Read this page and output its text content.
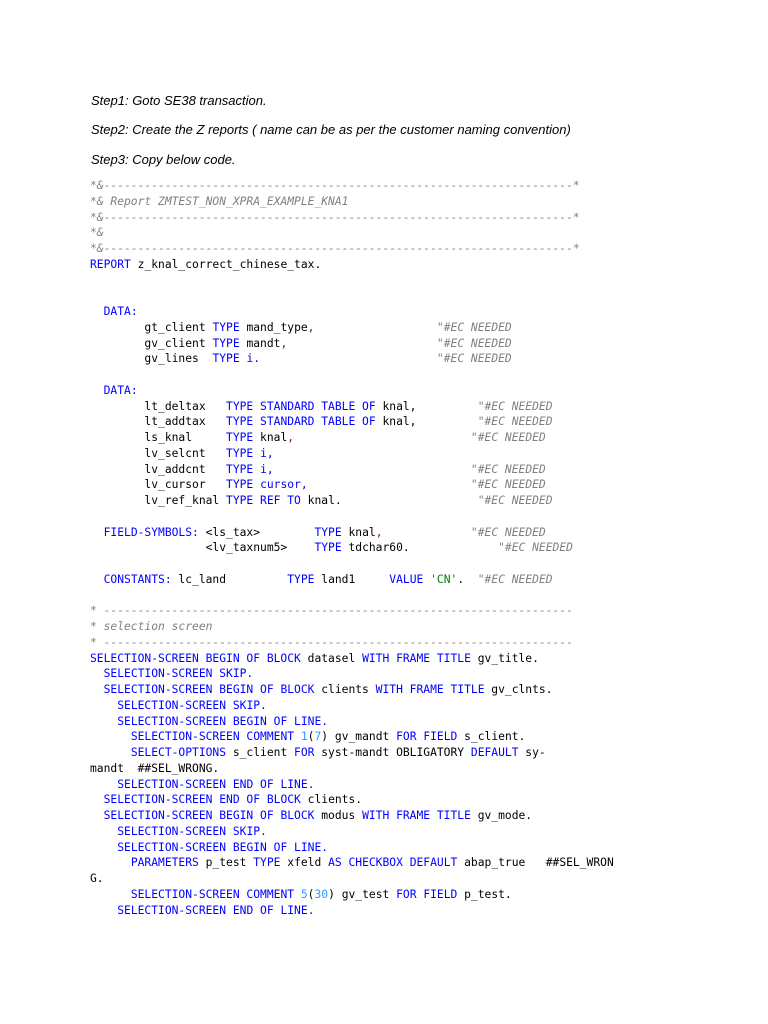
Step1: Goto SE38 transaction.
Step2: Create the Z reports ( name can be as per the customer naming convention)
Step3: Copy below code.
*&---------------------------------------------------------------------*
*& Report ZMTEST_NON_XPRA_EXAMPLE_KNA1
*&---------------------------------------------------------------------*
*&
*&---------------------------------------------------------------------*
REPORT z_knal_correct_chinese_tax.
DATA:
gt_client TYPE mand_type,	"#EC NEEDED
gv_client TYPE mandt,	"#EC NEEDED
gv_lines  TYPE i.	"#EC NEEDED
DATA:
lt_deltax   TYPE STANDARD TABLE OF knal,         "#EC NEEDED
lt_addtax   TYPE STANDARD TABLE OF knal,         "#EC NEEDED
ls_knal     TYPE knal,	"#EC NEEDED
lv_selcnt   TYPE i,
lv_addcnt   TYPE i,	"#EC NEEDED
lv_cursor   TYPE cursor,	"#EC NEEDED
lv_ref_knal TYPE REF TO knal.                    "#EC NEEDED
FIELD-SYMBOLS: <ls_tax>        TYPE knal,	"#EC NEEDED
<lv_taxnum5>    TYPE tdchar60.             "#EC NEEDED
CONSTANTS: lc_land         TYPE land1     VALUE 'CN'.  "#EC NEEDED
* ---------------------------------------------------------------------
* selection screen
* ---------------------------------------------------------------------
SELECTION-SCREEN BEGIN OF BLOCK datasel WITH FRAME TITLE gv_title.
SELECTION-SCREEN SKIP.
SELECTION-SCREEN BEGIN OF BLOCK clients WITH FRAME TITLE gv_clnts.
SELECTION-SCREEN SKIP.
SELECTION-SCREEN BEGIN OF LINE.
SELECTION-SCREEN COMMENT 1(7) gv_mandt FOR FIELD s_client.
SELECT-OPTIONS s_client FOR syst-mandt OBLIGATORY DEFAULT sy-
mandt  ##SEL_WRONG.
SELECTION-SCREEN END OF LINE.
SELECTION-SCREEN END OF BLOCK clients.
SELECTION-SCREEN BEGIN OF BLOCK modus WITH FRAME TITLE gv_mode.
SELECTION-SCREEN SKIP.
SELECTION-SCREEN BEGIN OF LINE.
PARAMETERS p_test TYPE xfeld AS CHECKBOX DEFAULT abap_true   ##SEL_WRON
G.
SELECTION-SCREEN COMMENT 5(30) gv_test FOR FIELD p_test.
SELECTION-SCREEN END OF LINE.
